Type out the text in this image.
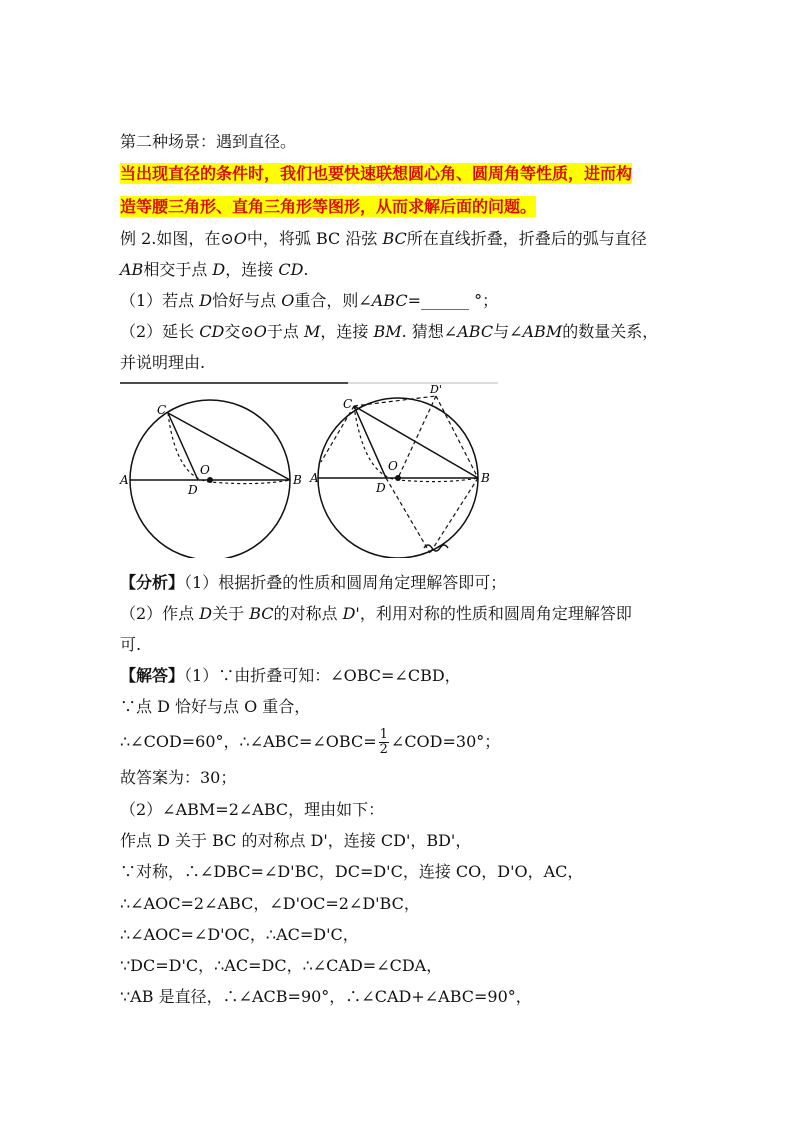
第二种场景：遇到直径。
当出现直径的条件时，我们也要快速联想圆心角、圆周角等性质，进而构
造等腰三角形、直角三角形等图形，从而求解后面的问题。
例 2.如图，在⊙O中，将弧 BC 沿弦 BC所在直线折叠，折叠后的弧与直径
AB相交于点 D，连接 CD.
（1）若点 D恰好与点 O重合，则∠ABC=______ °；
（2）延长 CD交⊙O于点 M，连接 BM. 猜想∠ABC与∠ABM的数量关系，
并说明理由.
A	B
C
D
O
A	B
C
D
O
D'
【分析】（1）根据折叠的性质和圆周角定理解答即可；
（2）作点 D关于 BC的对称点 D'，利用对称的性质和圆周角定理解答即
可.
【解答】（1）∵由折叠可知：∠OBC=∠CBD，
∵点 D 恰好与点 O 重合，
∴∠COD=60°，∴∠ABC=∠OBC= $\frac{1}{2}$ ∠COD=30°；
故答案为：30；
（2）∠ABM=2∠ABC，理由如下：
作点 D 关于 BC 的对称点 D'，连接 CD'，BD'，
∵对称，∴∠DBC=∠D'BC，DC=D'C，连接 CO，D'O，AC，
∴∠AOC=2∠ABC，∠D'OC=2∠D'BC，
∴∠AOC=∠D'OC，∴AC=D'C，
∵DC=D'C，∴AC=DC，∴∠CAD=∠CDA，
∵AB 是直径，∴∠ACB=90°，∴∠CAD+∠ABC=90°，
